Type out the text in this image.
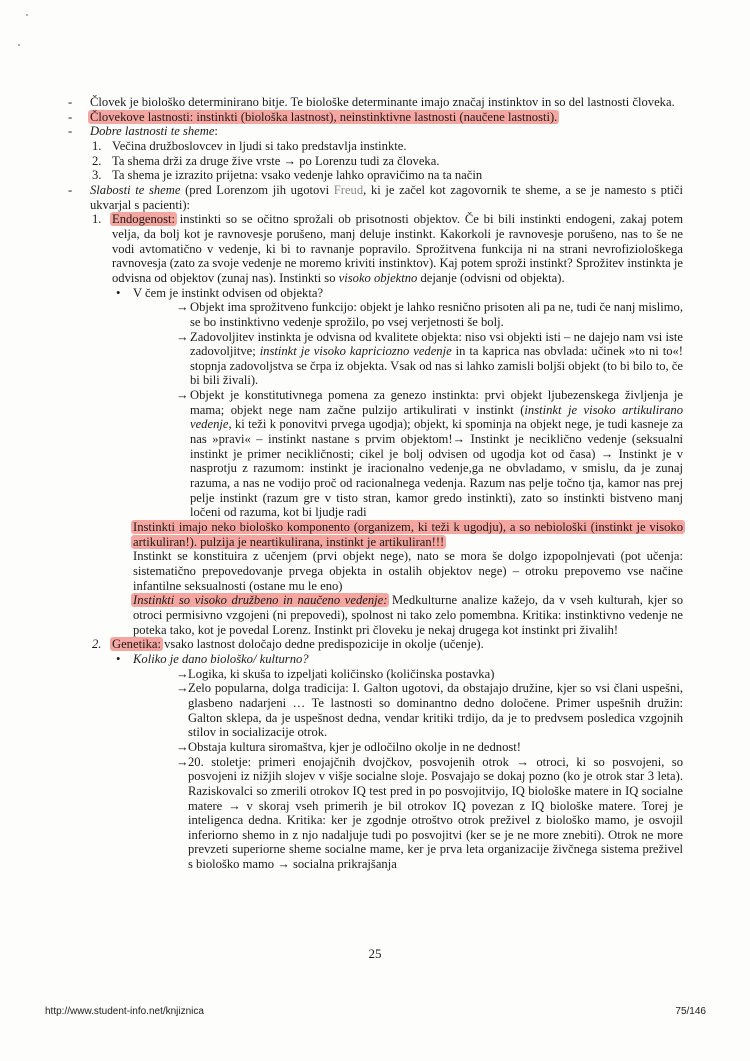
- Človek je biološko determinirano bitje. Te biološke determinante imajo značaj instinktov in so del lastnosti človeka.
- Človekove lastnosti: instinkti (biološka lastnost), neinstinktivne lastnosti (naučene lastnosti).
- Dobre lastnosti te sheme:
1. Večina družboslovcev in ljudi si tako predstavlja instinkte.
2. Ta shema drži za druge žive vrste → po Lorenzu tudi za človeka.
3. Ta shema je izrazito prijetna: vsako vedenje lahko opravičimo na ta način
- Slabosti te sheme (pred Lorenzom jih ugotovi Freud, ki je začel kot zagovornik te sheme, a se je namesto s ptiči ukvarjal s pacienti):
1. Endogenost: instinkti so se očitno sprožali ob prisotnosti objektov. Če bi bili instinkti endogeni, zakaj potem velja, da bolj kot je ravnovesje porušeno, manj deluje instinkt. Kakorkoli je ravnovesje porušeno, nas to še ne vodi avtomatično v vedenje, ki bi to ravnanje popravilo. Sprožitvena funkcija ni na strani nevrofiziološkega ravnovesja (zato za svoje vedenje ne moremo kriviti instinktov). Kaj potem sproži instinkt? Sprožitev instinkta je odvisna od objektov (zunaj nas). Instinkti so visoko objektno dejanje (odvisni od objekta).
• V čem je instinkt odvisen od objekta?
→ Objekt ima sprožitveno funkcijo: objekt je lahko resnično prisoten ali pa ne, tudi če nanj mislimo, se bo instinktivno vedenje sprožilo, po vsej verjetnosti še bolj.
→ Zadovoljitev instinkta je odvisna od kvalitete objekta: niso vsi objekti isti – ne dajejo nam vsi iste zadovoljitve; instinkt je visoko kapriciozno vedenje in ta kaprica nas obvlada: učinek »to ni to«! stopnja zadovoljstva se črpa iz objekta. Vsak od nas si lahko zamisli boljši objekt (to bi bilo to, če bi bili živali).
→ Objekt je konstitutivnega pomena za genezo instinkta: prvi objekt ljubezenskega življenja je mama; objekt nege nam začne pulzijo artikulirati v instinkt (instinkt je visoko artikulirano vedenje, ki teži k ponovitvi prvega ugodja); objekt, ki spominja na objekt nege, je tudi kasneje za nas »pravi« – instinkt nastane s prvim objektom!→ Instinkt je neciklično vedenje (seksualni instinkt je primer necikličnosti; cikel je bolj odvisen od ugodja kot od časa) → Instinkt je v nasprotju z razumom: instinkt je iracionalno vedenje,ga ne obvladamo, v smislu, da je zunaj razuma, a nas ne vodijo proč od racionalnega vedenja. Razum nas pelje točno tja, kamor nas prej pelje instinkt (razum gre v tisto stran, kamor gredo instinkti), zato so instinkti bistveno manj ločeni od razuma, kot bi ljudje radi
Instinkti imajo neko biološko komponento (organizem, ki teži k ugodju), a so nebiološki (instinkt je visoko artikuliran!). pulzija je neartikulirana, instinkt je artikuliran!!!
Instinkt se konstituira z učenjem (prvi objekt nege), nato se mora še dolgo izpopolnjevati (pot učenja: sistematično prepovedovanje prvega objekta in ostalih objektov nege) – otroku prepovemo vse načine infantilne seksualnosti (ostane mu le eno)
Instinkti so visoko družbeno in naučeno vedenje: Medkulturne analize kažejo, da v vseh kulturah, kjer so otroci permisivno vzgojeni (ni prepovedi), spolnost ni tako zelo pomembna. Kritika: instinktivno vedenje ne poteka tako, kot je povedal Lorenz. Instinkt pri človeku je nekaj drugega kot instinkt pri živalih!
2. Genetika: vsako lastnost določajo dedne predispozicije in okolje (učenje).
• Koliko je dano biološko/ kulturno?
→ Logika, ki skuša to izpeljati količinsko (količinska postavka)
→ Zelo popularna, dolga tradicija: I. Galton ugotovi, da obstajajo družine, kjer so vsi člani uspešni, glasbeno nadarjeni … Te lastnosti so dominantno dedno določene. Primer uspešnih družin: Galton sklepa, da je uspešnost dedna, vendar kritiki trdijo, da je to predvsem posledica vzgojnih stilov in socializacije otrok.
→ Obstaja kultura siromaštva, kjer je odločilno okolje in ne dednost!
→ 20. stoletje: primeri enojajčnih dvojčkov, posvojenih otrok → otroci, ki so posvojeni, so posvojeni iz nižjih slojev v višje socialne sloje. Posvajajo se dokaj pozno (ko je otrok star 3 leta). Raziskovalci so zmerili otrokov IQ test pred in po posvojitvijo, IQ biološke matere in IQ socialne matere → v skoraj vseh primerih je bil otrokov IQ povezan z IQ biološke matere. Torej je inteligenca dedna. Kritika: ker je zgodnje otroštvo otrok preživel z biološko mamo, je osvojil inferiorno shemo in z njo nadaljuje tudi po posvojitvi (ker se je ne more znebiti). Otrok ne more prevzeti superiorne sheme socialne mame, ker je prva leta organizacije živčnega sistema preživel s biološko mamo → socialna prikrajšanja
25
http://www.student-info.net/knjiznica	75/146
